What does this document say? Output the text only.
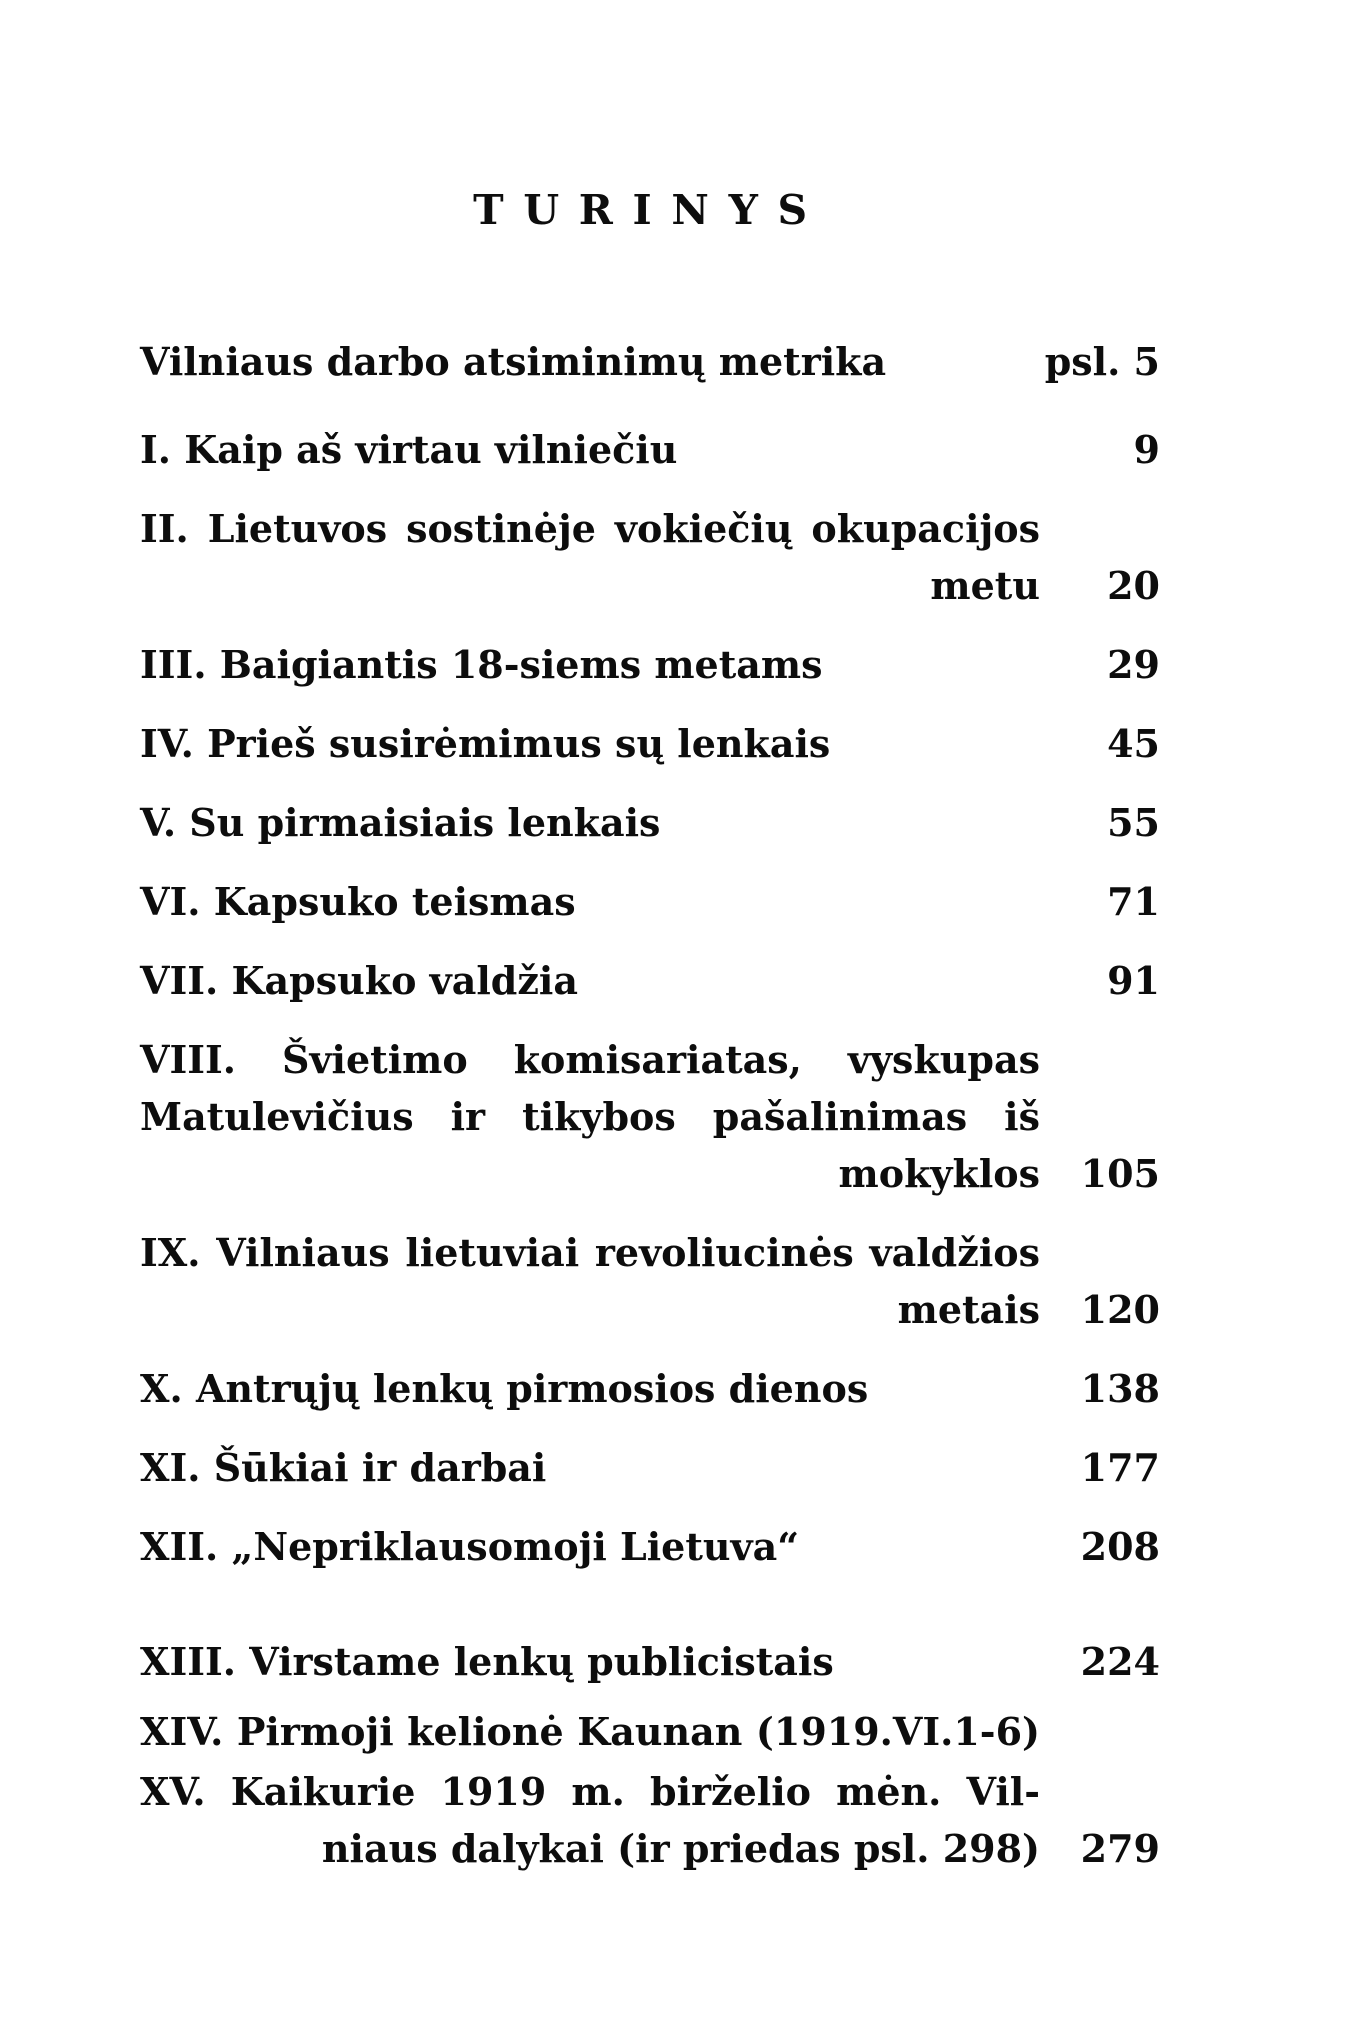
TURINYS
Vilniaus darbo atsiminimų metrika	psl. 5
I. Kaip aš virtau vilniečiu	9
II. Lietuvos sostinėje vokiečių okupacijos
metu 20
III. Baigiantis 18-siems metams	29
IV. Prieš susirėmimus sų lenkais	45
V. Su pirmaisiais lenkais	55
VI. Kapsuko teismas	71
VII. Kapsuko valdžia	91
VIII. Švietimo komisariatas, vyskupas
Matulevičius ir tikybos pašalinimas iš
mokyklos 105
IX. Vilniaus lietuviai revoliucinės valdžios
metais 120
X. Antrųjų lenkų pirmosios dienos	138
XI. Šūkiai ir darbai	177
XII. „Nepriklausomoji Lietuva“	208
XIII. Virstame lenkų publicistais	224
XIV. Pirmoji kelionė Kaunan (1919.VI.1-6)
XV. Kaikurie 1919 m. birželio mėn. Vil-
niaus dalykai (ir priedas psl. 298) 279
